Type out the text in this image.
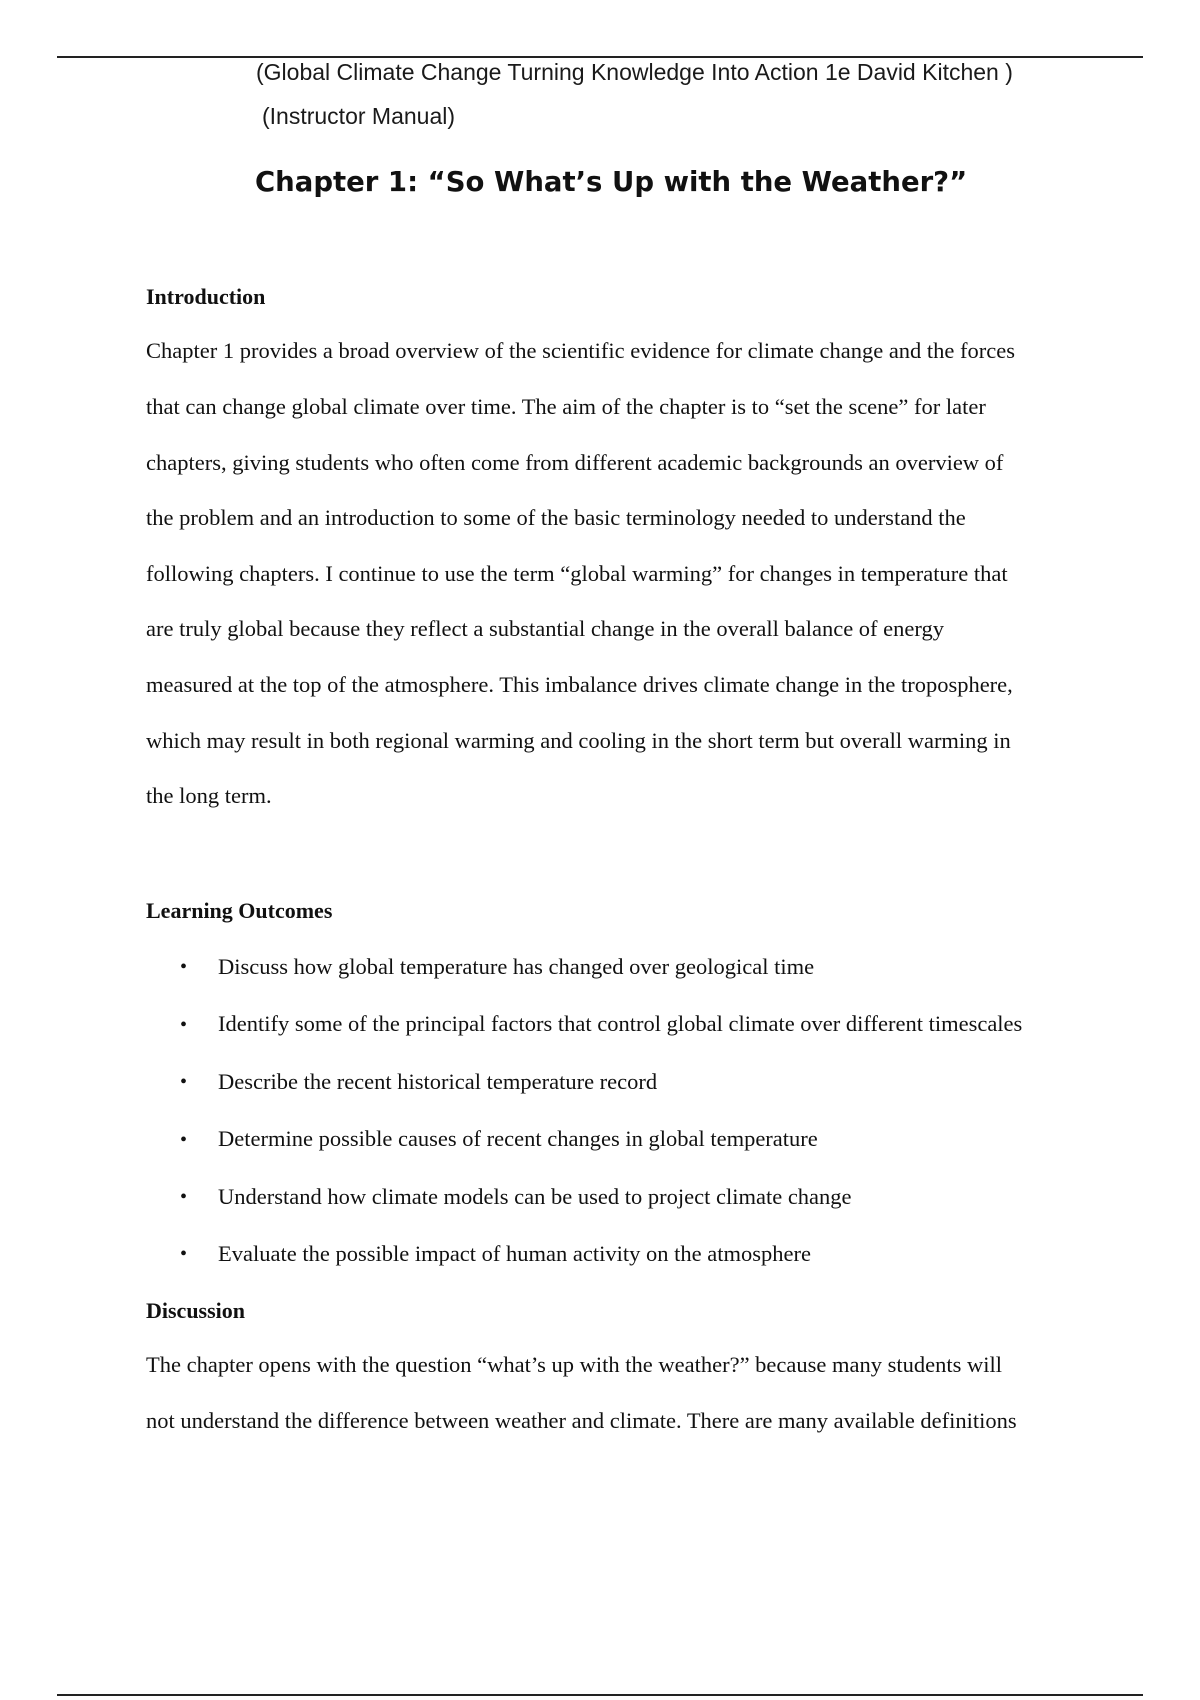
(Global Climate Change Turning Knowledge Into Action 1e David Kitchen )
(Instructor Manual)
Chapter 1: “So What’s Up with the Weather?”
Introduction
Chapter 1 provides a broad overview of the scientific evidence for climate change and the forces
that can change global climate over time. The aim of the chapter is to “set the scene” for later
chapters, giving students who often come from different academic backgrounds an overview of
the problem and an introduction to some of the basic terminology needed to understand the
following chapters. I continue to use the term “global warming” for changes in temperature that
are truly global because they reflect a substantial change in the overall balance of energy
measured at the top of the atmosphere. This imbalance drives climate change in the troposphere,
which may result in both regional warming and cooling in the short term but overall warming in
the long term.
Learning Outcomes
• Discuss how global temperature has changed over geological time
• Identify some of the principal factors that control global climate over different timescales
• Describe the recent historical temperature record
• Determine possible causes of recent changes in global temperature
• Understand how climate models can be used to project climate change
• Evaluate the possible impact of human activity on the atmosphere
Discussion
The chapter opens with the question “what’s up with the weather?” because many students will
not understand the difference between weather and climate. There are many available definitions
